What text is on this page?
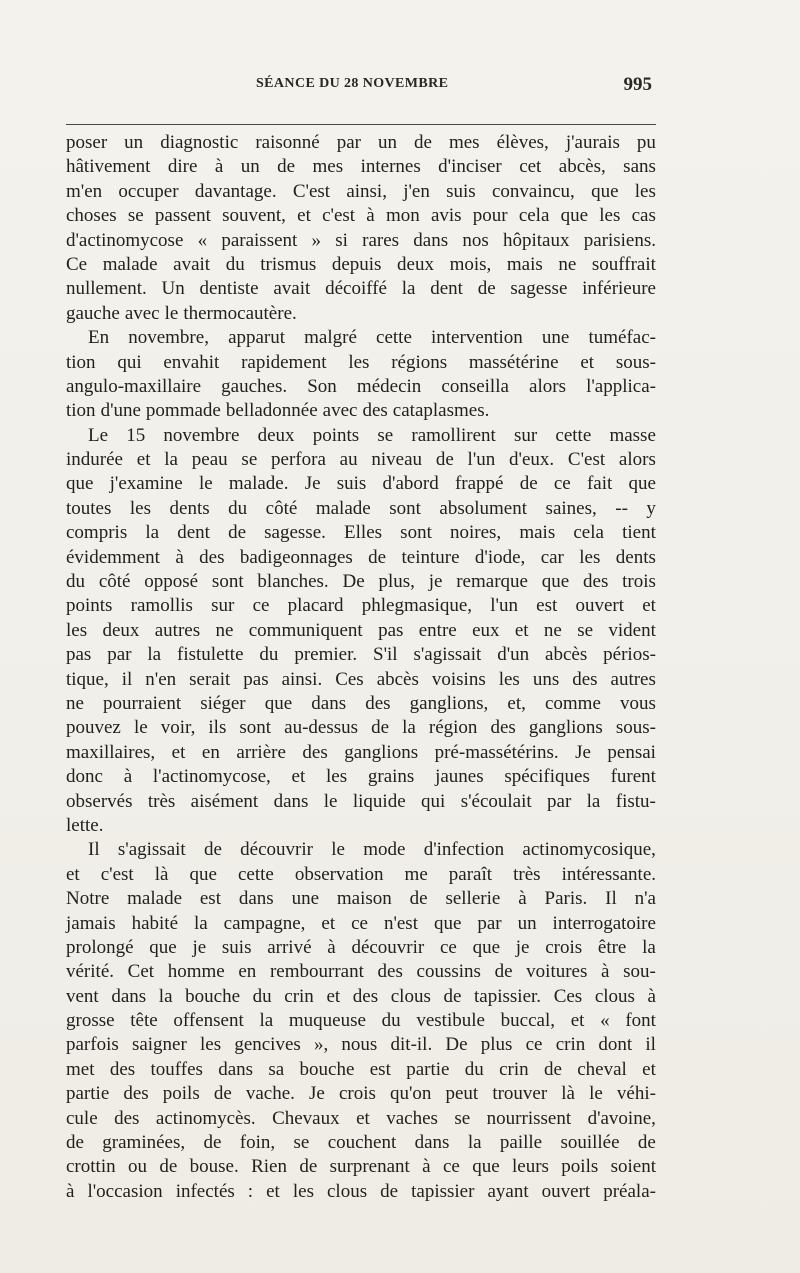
SÉANCE DU 28 NOVEMBRE	995
poser un diagnostic raisonné par un de mes élèves, j'aurais pu
hâtivement dire à un de mes internes d'inciser cet abcès, sans
m'en occuper davantage. C'est ainsi, j'en suis convaincu, que les
choses se passent souvent, et c'est à mon avis pour cela que les cas
d'actinomycose « paraissent » si rares dans nos hôpitaux parisiens.
Ce malade avait du trismus depuis deux mois, mais ne souffrait
nullement. Un dentiste avait décoiffé la dent de sagesse inférieure
gauche avec le thermocautère.
En novembre, apparut malgré cette intervention une tuméfac-
tion qui envahit rapidement les régions massétérine et sous-
angulo-maxillaire gauches. Son médecin conseilla alors l'applica-
tion d'une pommade belladonnée avec des cataplasmes.
Le 15 novembre deux points se ramollirent sur cette masse
indurée et la peau se perfora au niveau de l'un d'eux. C'est alors
que j'examine le malade. Je suis d'abord frappé de ce fait que
toutes les dents du côté malade sont absolument saines, -- y
compris la dent de sagesse. Elles sont noires, mais cela tient
évidemment à des badigeonnages de teinture d'iode, car les dents
du côté opposé sont blanches. De plus, je remarque que des trois
points ramollis sur ce placard phlegmasique, l'un est ouvert et
les deux autres ne communiquent pas entre eux et ne se vident
pas par la fistulette du premier. S'il s'agissait d'un abcès périos-
tique, il n'en serait pas ainsi. Ces abcès voisins les uns des autres
ne pourraient siéger que dans des ganglions, et, comme vous
pouvez le voir, ils sont au-dessus de la région des ganglions sous-
maxillaires, et en arrière des ganglions pré-massétérins. Je pensai
donc à l'actinomycose, et les grains jaunes spécifiques furent
observés très aisément dans le liquide qui s'écoulait par la fistu-
lette.
Il s'agissait de découvrir le mode d'infection actinomycosique,
et c'est là que cette observation me paraît très intéressante.
Notre malade est dans une maison de sellerie à Paris. Il n'a
jamais habité la campagne, et ce n'est que par un interrogatoire
prolongé que je suis arrivé à découvrir ce que je crois être la
vérité. Cet homme en rembourrant des coussins de voitures à sou-
vent dans la bouche du crin et des clous de tapissier. Ces clous à
grosse tête offensent la muqueuse du vestibule buccal, et « font
parfois saigner les gencives », nous dit-il. De plus ce crin dont il
met des touffes dans sa bouche est partie du crin de cheval et
partie des poils de vache. Je crois qu'on peut trouver là le véhi-
cule des actinomycès. Chevaux et vaches se nourrissent d'avoine,
de graminées, de foin, se couchent dans la paille souillée de
crottin ou de bouse. Rien de surprenant à ce que leurs poils soient
à l'occasion infectés : et les clous de tapissier ayant ouvert préala-
